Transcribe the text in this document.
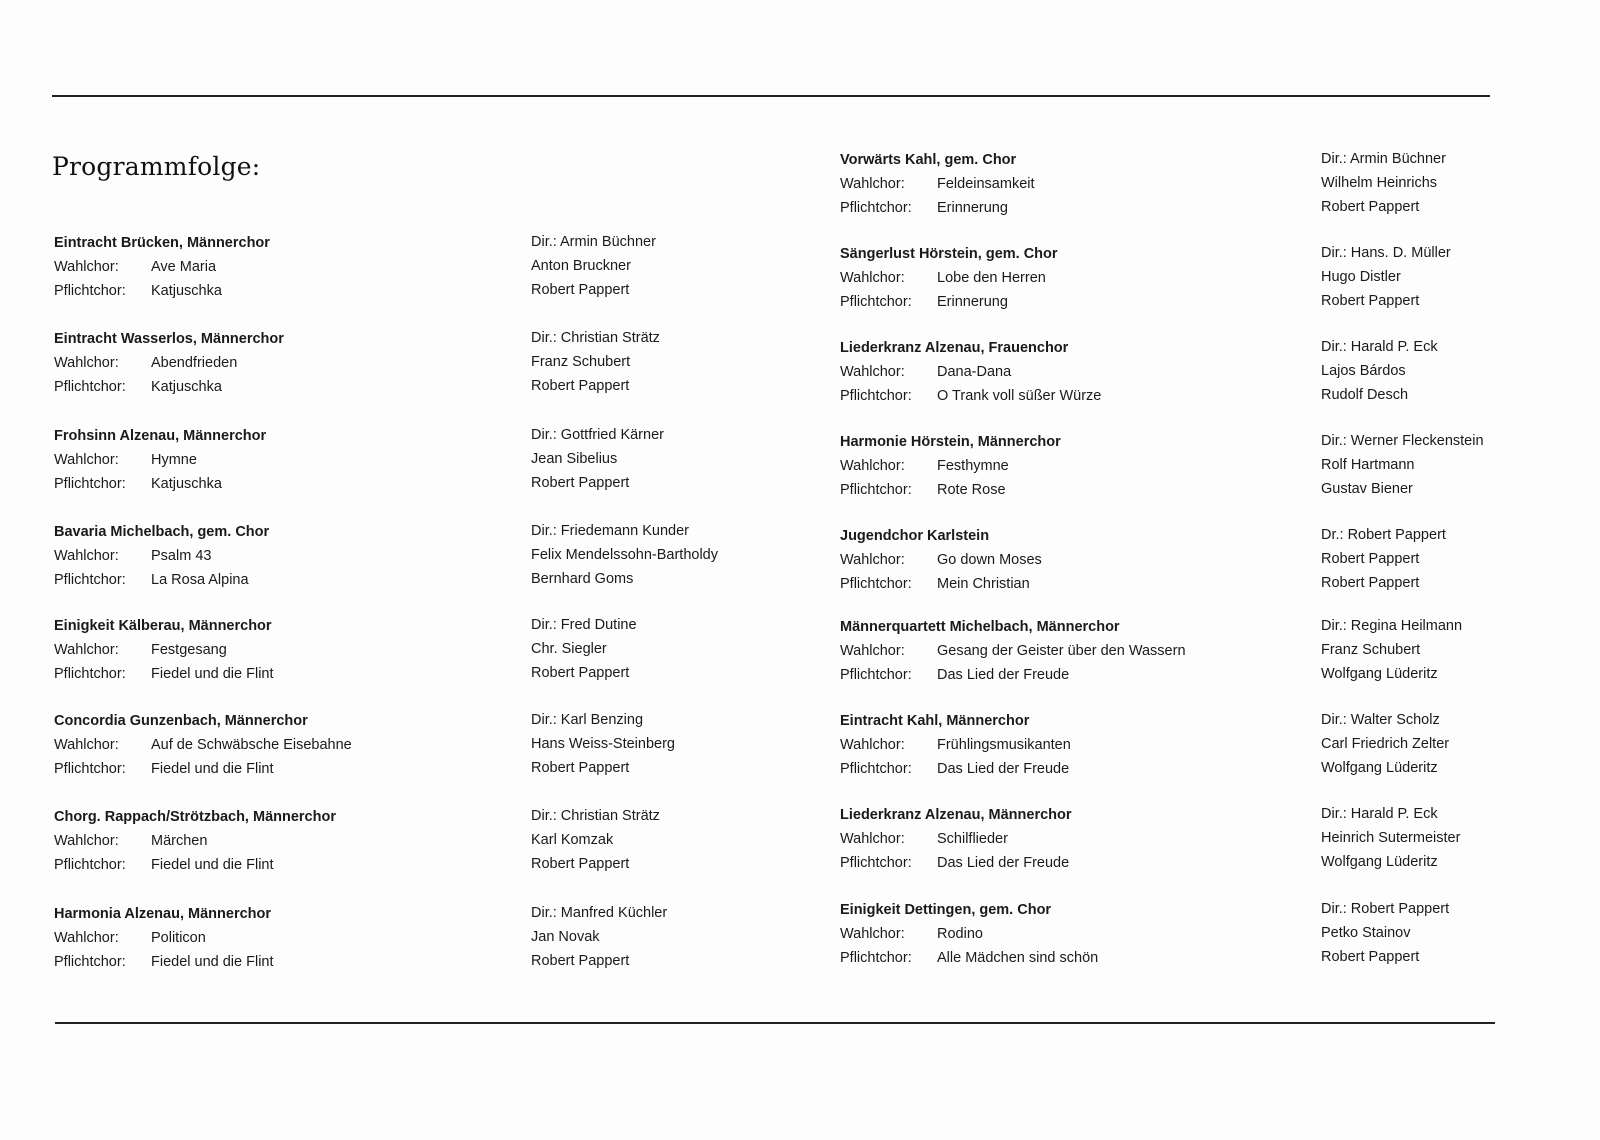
Programmfolge:
Eintracht Brücken, Männerchor
Wahlchor: Ave Maria
Pflichtchor: Katjuschka
Dir.: Armin Büchner
Anton Bruckner
Robert Pappert
Eintracht Wasserlos, Männerchor
Wahlchor: Abendfrieden
Pflichtchor: Katjuschka
Dir.: Christian Strätz
Franz Schubert
Robert Pappert
Frohsinn Alzenau, Männerchor
Wahlchor: Hymne
Pflichtchor: Katjuschka
Dir.: Gottfried Kärner
Jean Sibelius
Robert Pappert
Bavaria Michelbach, gem. Chor
Wahlchor: Psalm 43
Pflichtchor: La Rosa Alpina
Dir.: Friedemann Kunder
Felix Mendelssohn-Bartholdy
Bernhard Goms
Einigkeit Kälberau, Männerchor
Wahlchor: Festgesang
Pflichtchor: Fiedel und die Flint
Dir.: Fred Dutine
Chr. Siegler
Robert Pappert
Concordia Gunzenbach, Männerchor
Wahlchor: Auf de Schwäbsche Eisebahne
Pflichtchor: Fiedel und die Flint
Dir.: Karl Benzing
Hans Weiss-Steinberg
Robert Pappert
Chorg. Rappach/Strötzbach, Männerchor
Wahlchor: Märchen
Pflichtchor: Fiedel und die Flint
Dir.: Christian Strätz
Karl Komzak
Robert Pappert
Harmonia Alzenau, Männerchor
Wahlchor: Politicon
Pflichtchor: Fiedel und die Flint
Dir.: Manfred Küchler
Jan Novak
Robert Pappert
Vorwärts Kahl, gem. Chor
Wahlchor: Feldeinsamkeit
Pflichtchor: Erinnerung
Dir.: Armin Büchner
Wilhelm Heinrichs
Robert Pappert
Sängerlust Hörstein, gem. Chor
Wahlchor: Lobe den Herren
Pflichtchor: Erinnerung
Dir.: Hans. D. Müller
Hugo Distler
Robert Pappert
Liederkranz Alzenau, Frauenchor
Wahlchor: Dana-Dana
Pflichtchor: O Trank voll süßer Würze
Dir.: Harald P. Eck
Lajos Bárdos
Rudolf Desch
Harmonie Hörstein, Männerchor
Wahlchor: Festhymne
Pflichtchor: Rote Rose
Dir.: Werner Fleckenstein
Rolf Hartmann
Gustav Biener
Jugendchor Karlstein
Wahlchor: Go down Moses
Pflichtchor: Mein Christian
Dr.: Robert Pappert
Robert Pappert
Robert Pappert
Männerquartett Michelbach, Männerchor
Wahlchor: Gesang der Geister über den Wassern
Pflichtchor: Das Lied der Freude
Dir.: Regina Heilmann
Franz Schubert
Wolfgang Lüderitz
Eintracht Kahl, Männerchor
Wahlchor: Frühlingsmusikanten
Pflichtchor: Das Lied der Freude
Dir.: Walter Scholz
Carl Friedrich Zelter
Wolfgang Lüderitz
Liederkranz Alzenau, Männerchor
Wahlchor: Schilflieder
Pflichtchor: Das Lied der Freude
Dir.: Harald P. Eck
Heinrich Sutermeister
Wolfgang Lüderitz
Einigkeit Dettingen, gem. Chor
Wahlchor: Rodino
Pflichtchor: Alle Mädchen sind schön
Dir.: Robert Pappert
Petko Stainov
Robert Pappert
